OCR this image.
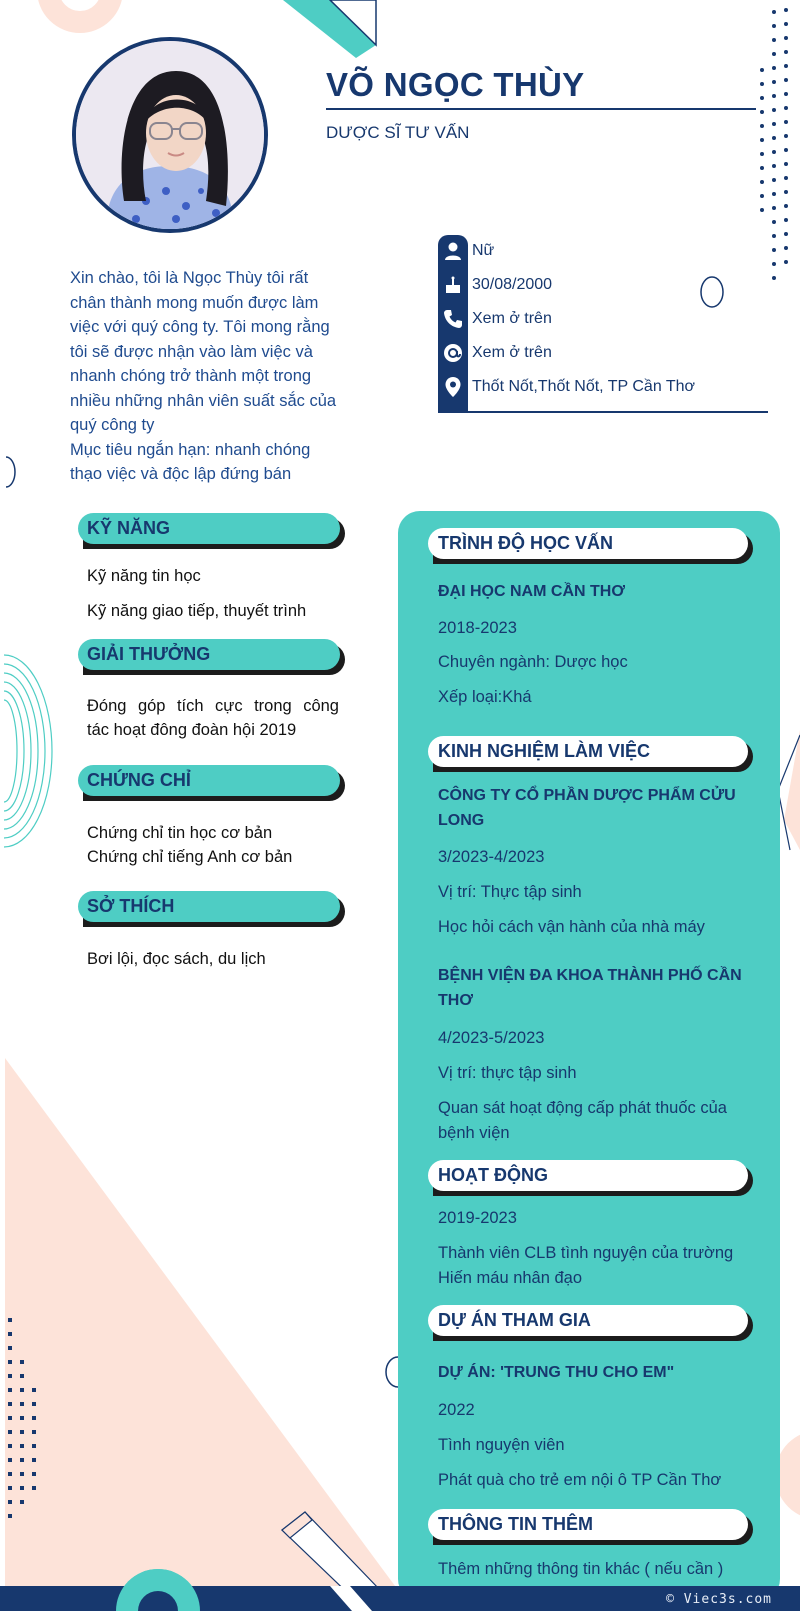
VÕ NGỌC THÙY
DƯỢC SĨ TƯ VẤN
Nữ
30/08/2000
Xem ở trên
Xem ở trên
Thốt Nốt,Thốt Nốt, TP Cần Thơ
Xin chào, tôi là Ngọc Thùy tôi rất
chân thành mong muốn được làm
việc với quý công ty. Tôi mong rằng
tôi sẽ được nhận vào làm việc và
nhanh chóng trở thành một trong
nhiều những nhân viên suất sắc của
quý công ty
Mục tiêu ngắn hạn: nhanh chóng
thạo việc và độc lập đứng bán
KỸ NĂNG
Kỹ năng tin học
Kỹ năng giao tiếp, thuyết trình
GIẢI THƯỞNG
Đóng góp tích cực trong công
tác hoạt đông đoàn hội 2019
CHỨNG CHỈ
Chứng chỉ tin học cơ bản
Chứng chỉ tiếng Anh cơ bản
SỞ THÍCH
Bơi lội, đọc sách, du lịch
TRÌNH ĐỘ HỌC VẤN
ĐẠI HỌC NAM CẦN THƠ
2018-2023
Chuyên ngành: Dược học
Xếp loại:Khá
KINH NGHIỆM LÀM VIỆC
CÔNG TY CỔ PHẦN DƯỢC PHẨM CỬU
LONG
3/2023-4/2023
Vị trí: Thực tập sinh
Học hỏi cách vận hành của nhà máy
BỆNH VIỆN ĐA KHOA THÀNH PHỐ CẦN
THƠ
4/2023-5/2023
Vị trí: thực tập sinh
Quan sát hoạt động cấp phát thuốc của
bệnh viện
HOẠT ĐỘNG
2019-2023
Thành viên CLB tình nguyện của trường
Hiến máu nhân đạo
DỰ ÁN THAM GIA
DỰ ÁN: 'TRUNG THU CHO EM"
2022
Tình nguyện viên
Phát quà cho trẻ em nội ô TP Cần Thơ
THÔNG TIN THÊM
Thêm những thông tin khác ( nếu cần )
© Viec3s.com
